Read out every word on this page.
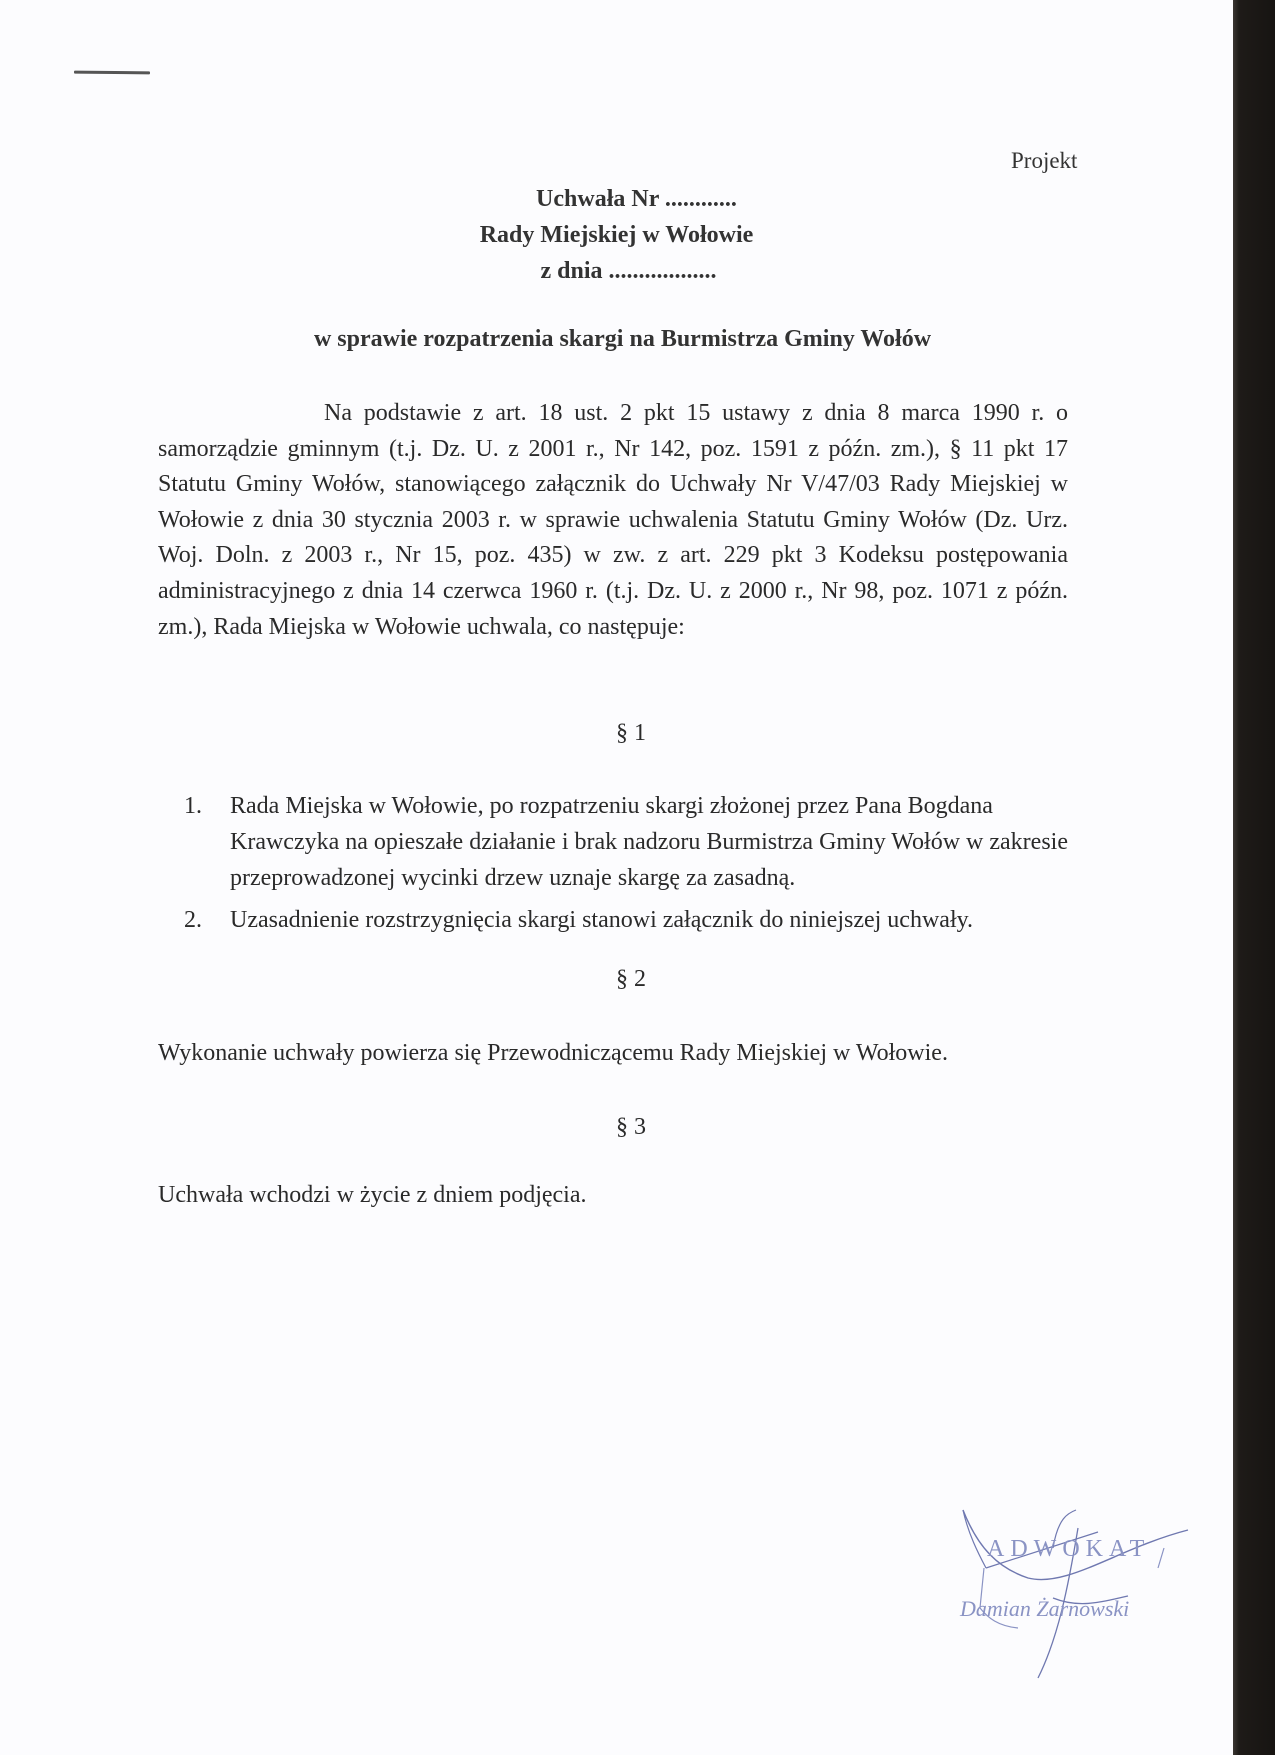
Projekt
Uchwała Nr ............
Rady Miejskiej w Wołowie
z dnia ..................
w sprawie rozpatrzenia skargi na Burmistrza Gminy Wołów
Na podstawie z art. 18 ust. 2 pkt 15 ustawy z dnia 8 marca 1990 r. o samorządzie gminnym (t.j. Dz. U. z 2001 r., Nr 142, poz. 1591 z późn. zm.), § 11 pkt 17 Statutu Gminy Wołów, stanowiącego załącznik do Uchwały Nr V/47/03 Rady Miejskiej w Wołowie z dnia 30 stycznia 2003 r. w sprawie uchwalenia Statutu Gminy Wołów (Dz. Urz. Woj. Doln. z 2003 r., Nr 15, poz. 435) w zw. z art. 229 pkt 3 Kodeksu postępowania administracyjnego z dnia 14 czerwca 1960 r. (t.j. Dz. U. z 2000 r., Nr 98, poz. 1071 z późn. zm.), Rada Miejska w Wołowie uchwala, co następuje:
§ 1
1.	Rada Miejska w Wołowie, po rozpatrzeniu skargi złożonej przez Pana Bogdana Krawczyka na opieszałe działanie i brak nadzoru Burmistrza Gminy Wołów w zakresie przeprowadzonej wycinki drzew uznaje skargę za zasadną.
2.	Uzasadnienie rozstrzygnięcia skargi stanowi załącznik do niniejszej uchwały.
§ 2
Wykonanie uchwały powierza się Przewodniczącemu Rady Miejskiej w Wołowie.
§ 3
Uchwała wchodzi w życie z dniem podjęcia.
ADWOKAT
Damian Żarnowski
